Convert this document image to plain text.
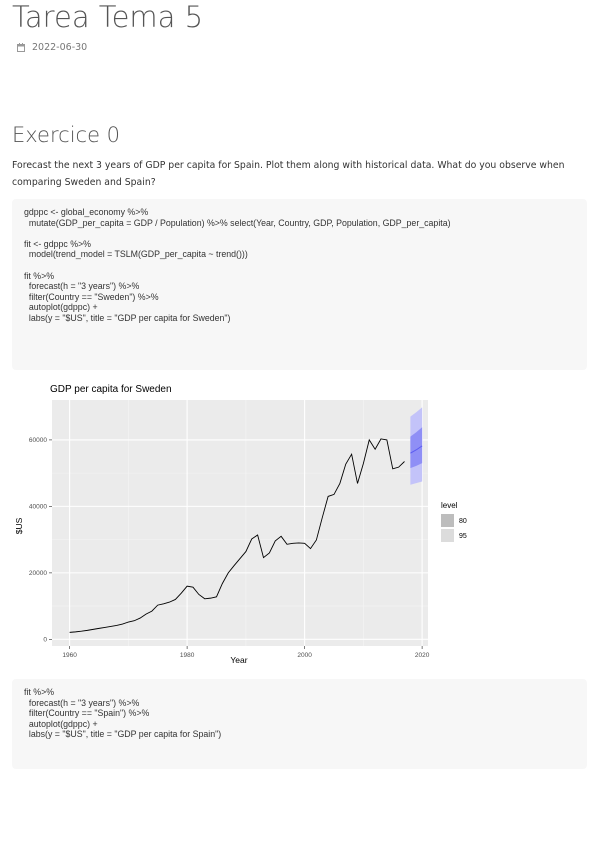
Tarea Tema 5
2022-06-30
Exercice 0

Forecast the next 3 years of GDP per capita for Spain. Plot them along with historical data. What do you observe when comparing Sweden and Spain?

gdppc <- global_economy %>%
mutate(GDP_per_capita = GDP / Population) %>% select(Year, Country, GDP, Population, GDP_per_capita)
fit <- gdppc %>%
model(trend_model = TSLM(GDP_per_capita ~ trend()))
fit %>%
forecast(h = "3 years") %>%
filter(Country == "Sweden") %>%
autoplot(gdppc) +
labs(y = "$US", title = "GDP per capita for Sweden")
GDP per capita for Sweden
1960	1980	2000	2020
0
20000
40000
60000
Year
$US
level
80
95
fit %>%
forecast(h = "3 years") %>%
filter(Country == "Spain") %>%
autoplot(gdppc) +
labs(y = "$US", title = "GDP per capita for Spain")
